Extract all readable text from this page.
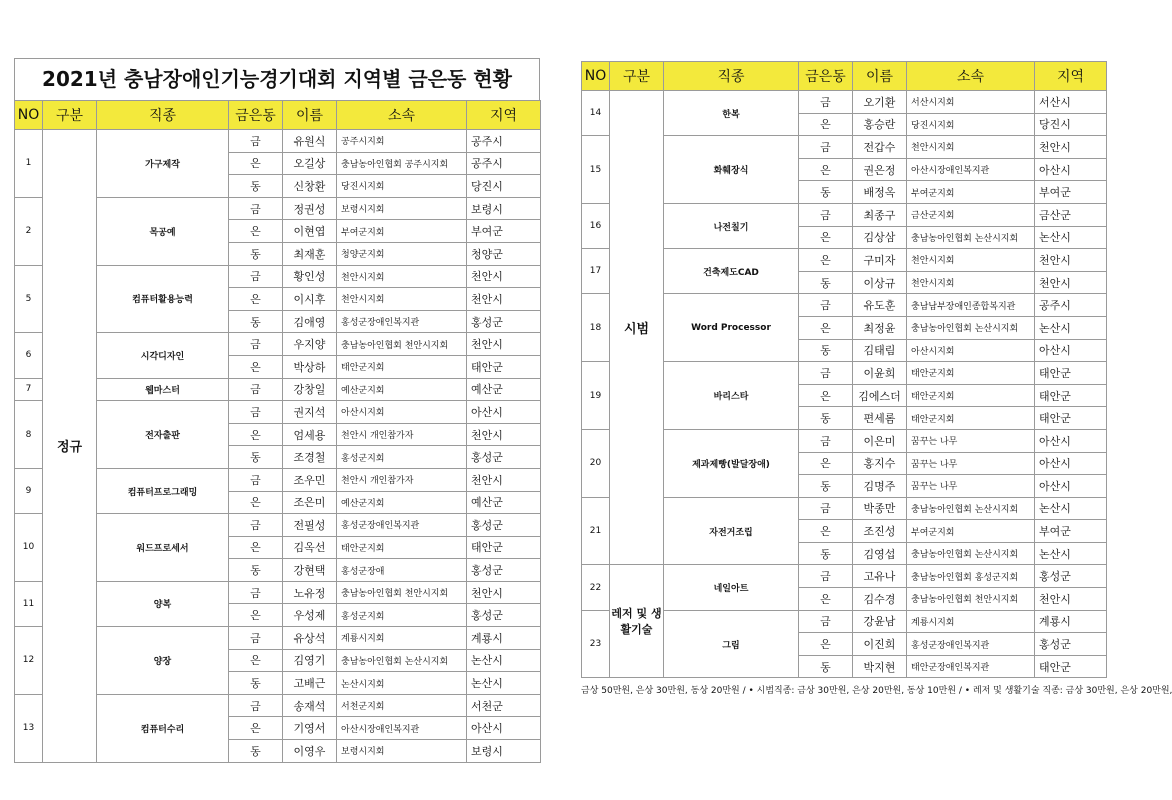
2021년 충남장애인기능경기대회 지역별 금은동 현황
NO	구분	직종	금은동	이름	소속	지역
1	정규	가구제작	금	유원식	공주시지회	공주시
			은	오길상	충남농아인협회 공주시지회	공주시
			동	신창환	당진시지회	당진시
2		목공예	금	정권성	보령시지회	보령시
			은	이현엽	부여군지회	부여군
			동	최재훈	청양군지회	청양군
5		컴퓨터활용능력	금	황인성	천안시지회	천안시
			은	이시후	천안시지회	천안시
			동	김애영	홍성군장애인복지관	홍성군
6		시각디자인	금	우지양	충남농아인협회 천안시지회	천안시
			은	박상하	태안군지회	태안군
7		웹마스터	금	강창일	예산군지회	예산군
8		전자출판	금	권지석	아산시지회	아산시
			은	엄세용	천안시 개인참가자	천안시
			동	조경철	홍성군지회	홍성군
9		컴퓨터프로그래밍	금	조우민	천안시 개인참가자	천안시
			은	조은미	예산군지회	예산군
10		워드프로세서	금	전필성	홍성군장애인복지관	홍성군
			은	김옥선	태안군지회	태안군
			동	강현택	홍성군장애	홍성군
11		양복	금	노유정	충남농아인협회 천안시지회	천안시
			은	우성제	홍성군지회	홍성군
12		양장	금	유상석	계룡시지회	계룡시
			은	김영기	충남농아인협회 논산시지회	논산시
			동	고배근	논산시지회	논산시
13		컴퓨터수리	금	송재석	서천군지회	서천군
			은	기영서	아산시장애인복지관	아산시
			동	이영우	보령시지회	보령시
NO	구분	직종	금은동	이름	소속	지역
14	시범	한복	금	오기환	서산시지회	서산시
			은	홍승란	당진시지회	당진시
15		화훼장식	금	전갑수	천안시지회	천안시
			은	권은정	아산시장애인복지관	아산시
			동	배정옥	부여군지회	부여군
16		나전칠기	금	최종구	금산군지회	금산군
			은	김상삼	충남농아인협회 논산시지회	논산시
17		건축제도CAD	은	구미자	천안시지회	천안시
			동	이상규	천안시지회	천안시
18		Word Processor	금	유도훈	충남남부장애인종합복지관	공주시
			은	최정윤	충남농아인협회 논산시지회	논산시
			동	김태림	아산시지회	아산시
19		바리스타	금	이윤희	태안군지회	태안군
			은	김에스더	태안군지회	태안군
			동	편세롬	태안군지회	태안군
20		제과제빵(발달장애)	금	이은미	꿈꾸는 나무	아산시
			은	홍지수	꿈꾸는 나무	아산시
			동	김명주	꿈꾸는 나무	아산시
21		자전거조립	금	박종만	충남농아인협회 논산시지회	논산시
			은	조진성	부여군지회	부여군
			동	김영섭	충남농아인협회 논산시지회	논산시
22	레저 및 생활기술	네일아트	금	고유나	충남농아인협회 홍성군지회	홍성군
			은	김수경	충남농아인협회 천안시지회	천안시
23		그림	금	강윤남	계룡시지회	계룡시
			은	이진희	홍성군장애인복지관	홍성군
			동	박지현	태안군장애인복지관	태안군
금상 50만원, 은상 30만원, 동상 20만원 / • 시범직종: 금상 30만원, 은상 20만원, 동상 10만원 / • 레저 및 생활기술 직종: 금상 30만원, 은상 20만원,
